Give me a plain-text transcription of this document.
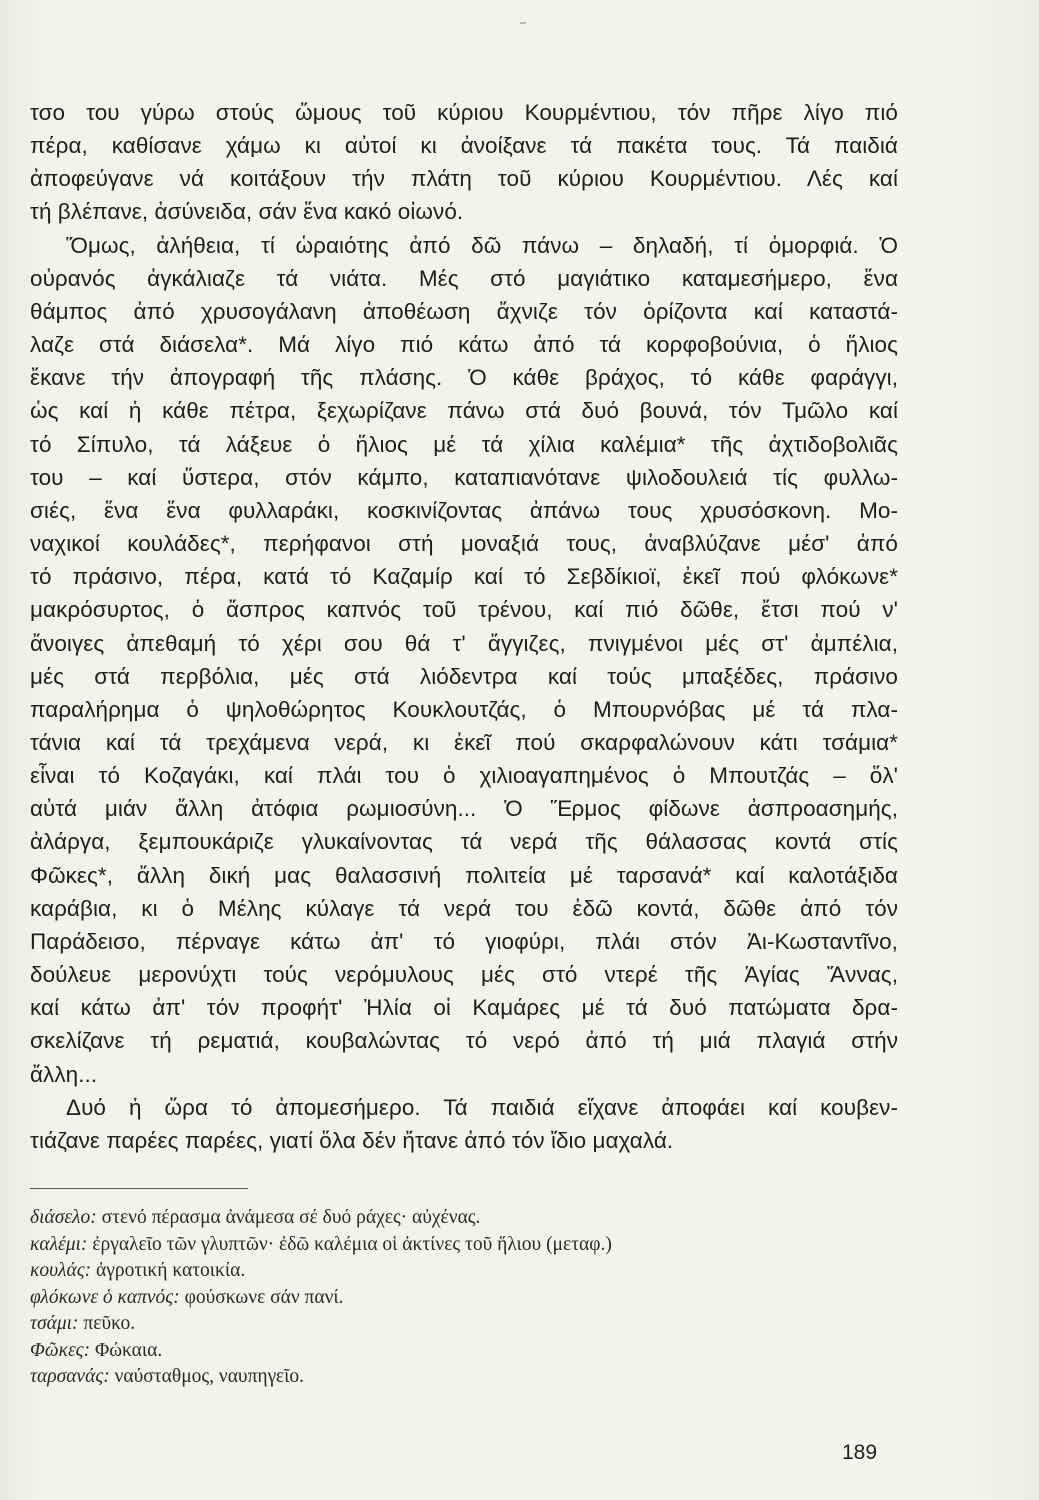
τσο του γύρω στούς ὤμους τοῦ κύριου Κουρμέντιου, τόν πῆρε λίγο πιό
πέρα, καθίσανε χάμω κι αὐτοί κι ἀνοίξανε τά πακέτα τους. Τά παιδιά
ἀποφεύγανε νά κοιτάξουν τήν πλάτη τοῦ κύριου Κουρμέντιου. Λές καί
τή βλέπανε, ἀσύνειδα, σάν ἕνα κακό οἰωνό.
Ὅμως, ἀλήθεια, τί ὡραιότης ἀπό δῶ πάνω – δηλαδή, τί ὁμορφιά. Ὁ
οὐρανός ἀγκάλιαζε τά νιάτα. Μές στό μαγιάτικο καταμεσήμερο, ἕνα
θάμπος ἀπό χρυσογάλανη ἀποθέωση ἄχνιζε τόν ὁρίζοντα καί καταστά-
λαζε στά διάσελα*. Μά λίγο πιό κάτω ἀπό τά κορφοβούνια, ὁ ἥλιος
ἔκανε τήν ἀπογραφή τῆς πλάσης. Ὁ κάθε βράχος, τό κάθε φαράγγι,
ὡς καί ἡ κάθε πέτρα, ξεχωρίζανε πάνω στά δυό βουνά, τόν Τμῶλο καί
τό Σίπυλο, τά λάξευε ὁ ἥλιος μέ τά χίλια καλέμια* τῆς ἀχτιδοβολιᾶς
του – καί ὕστερα, στόν κάμπο, καταπιανότανε ψιλοδουλειά τίς φυλλω-
σιές, ἕνα ἕνα φυλλαράκι, κοσκινίζοντας ἀπάνω τους χρυσόσκονη. Μο-
ναχικοί κουλάδες*, περήφανοι στή μοναξιά τους, ἀναβλύζανε μέσ' ἀπό
τό πράσινο, πέρα, κατά τό Καζαμίρ καί τό Σεβδίκιοϊ, ἐκεῖ πού φλόκωνε*
μακρόσυρτος, ὁ ἄσπρος καπνός τοῦ τρένου, καί πιό δῶθε, ἔτσι πού ν'
ἄνοιγες ἀπεθαμή τό χέρι σου θά τ' ἄγγιζες, πνιγμένοι μές στ' ἀμπέλια,
μές στά περβόλια, μές στά λιόδεντρα καί τούς μπαξέδες, πράσινο
παραλήρημα ὁ ψηλοθώρητος Κουκλουτζάς, ὁ Μπουρνόβας μέ τά πλα-
τάνια καί τά τρεχάμενα νερά, κι ἐκεῖ πού σκαρφαλώνουν κάτι τσάμια*
εἶναι τό Κοζαγάκι, καί πλάι του ὁ χιλιοαγαπημένος ὁ Μπουτζάς – ὅλ'
αὐτά μιάν ἄλλη ἀτόφια ρωμιοσύνη... Ὁ Ἕρμος φίδωνε ἀσπροασημής,
ἀλάργα, ξεμπουκάριζε γλυκαίνοντας τά νερά τῆς θάλασσας κοντά στίς
Φῶκες*, ἄλλη δική μας θαλασσινή πολιτεία μέ ταρσανά* καί καλοτάξιδα
καράβια, κι ὁ Μέλης κύλαγε τά νερά του ἐδῶ κοντά, δῶθε ἀπό τόν
Παράδεισο, πέρναγε κάτω ἀπ' τό γιοφύρι, πλάι στόν Ἀι-Κωσταντῖνο,
δούλευε μερονύχτι τούς νερόμυλους μές στό ντερέ τῆς Ἁγίας Ἄννας,
καί κάτω ἀπ' τόν προφήτ' Ἠλία οἱ Καμάρες μέ τά δυό πατώματα δρα-
σκελίζανε τή ρεματιά, κουβαλώντας τό νερό ἀπό τή μιά πλαγιά στήν
ἄλλη...
Δυό ἡ ὥρα τό ἀπομεσήμερο. Τά παιδιά εἴχανε ἀποφάει καί κουβεν-
τιάζανε παρέες παρέες, γιατί ὅλα δέν ἤτανε ἀπό τόν ἴδιο μαχαλά.
διάσελο: στενό πέρασμα ἀνάμεσα σέ δυό ράχες· αὐχένας.
καλέμι: ἐργαλεῖο τῶν γλυπτῶν· ἐδῶ καλέμια οἱ ἀκτίνες τοῦ ἥλιου (μεταφ.)
κουλάς: ἀγροτική κατοικία.
φλόκωνε ὁ καπνός: φούσκωνε σάν πανί.
τσάμι: πεῦκο.
Φῶκες: Φώκαια.
ταρσανάς: ναύσταθμος, ναυπηγεῖο.
189
